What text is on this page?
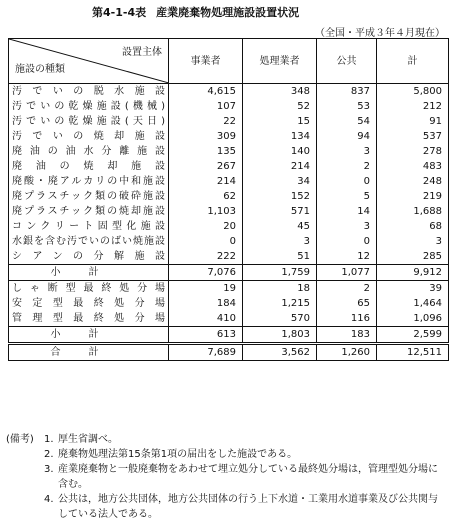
第4-1-4表 産業廃棄物処理施設設置状況
（全国・平成３年４月現在）
設置主体
施設の種類	事業者	処理業者	公共	計
汚でいの脱水施設	4,615	348	837	5,800
汚でいの乾燥施設(機械)	107	52	53	212
汚でいの乾燥施設(天日)	22	15	54	91
汚でいの焼却施設	309	134	94	537
廃油の油水分離施設	135	140	3	278
廃油の焼却施設	267	214	2	483
廃酸・廃アルカリの中和施設	214	34	0	248
廃プラスチック類の破砕施設	62	152	5	219
廃プラスチック類の焼却施設	1,103	571	14	1,688
コンクリート固型化施設	20	45	3	68
水銀を含む汚でいのばい焼施設	0	3	0	3
シアンの分解施設	222	51	12	285
小計	7,076	1,759	1,077	9,912
しゃ断型最終処分場	19	18	2	39
安定型最終処分場	184	1,215	65	1,464
管理型最終処分場	410	570	116	1,096
小計	613	1,803	183	2,599
合計	7,689	3,562	1,260	12,511
(備考)	1. 厚生省調べ。
2. 廃棄物処理法第15条第1項の届出をした施設である。
3. 産業廃棄物と一般廃棄物をあわせて埋立処分している最終処分場は，管理型処分場に含む。
4. 公共は，地方公共団体，地方公共団体の行う上下水道・工業用水道事業及び公共関与している法人である。
